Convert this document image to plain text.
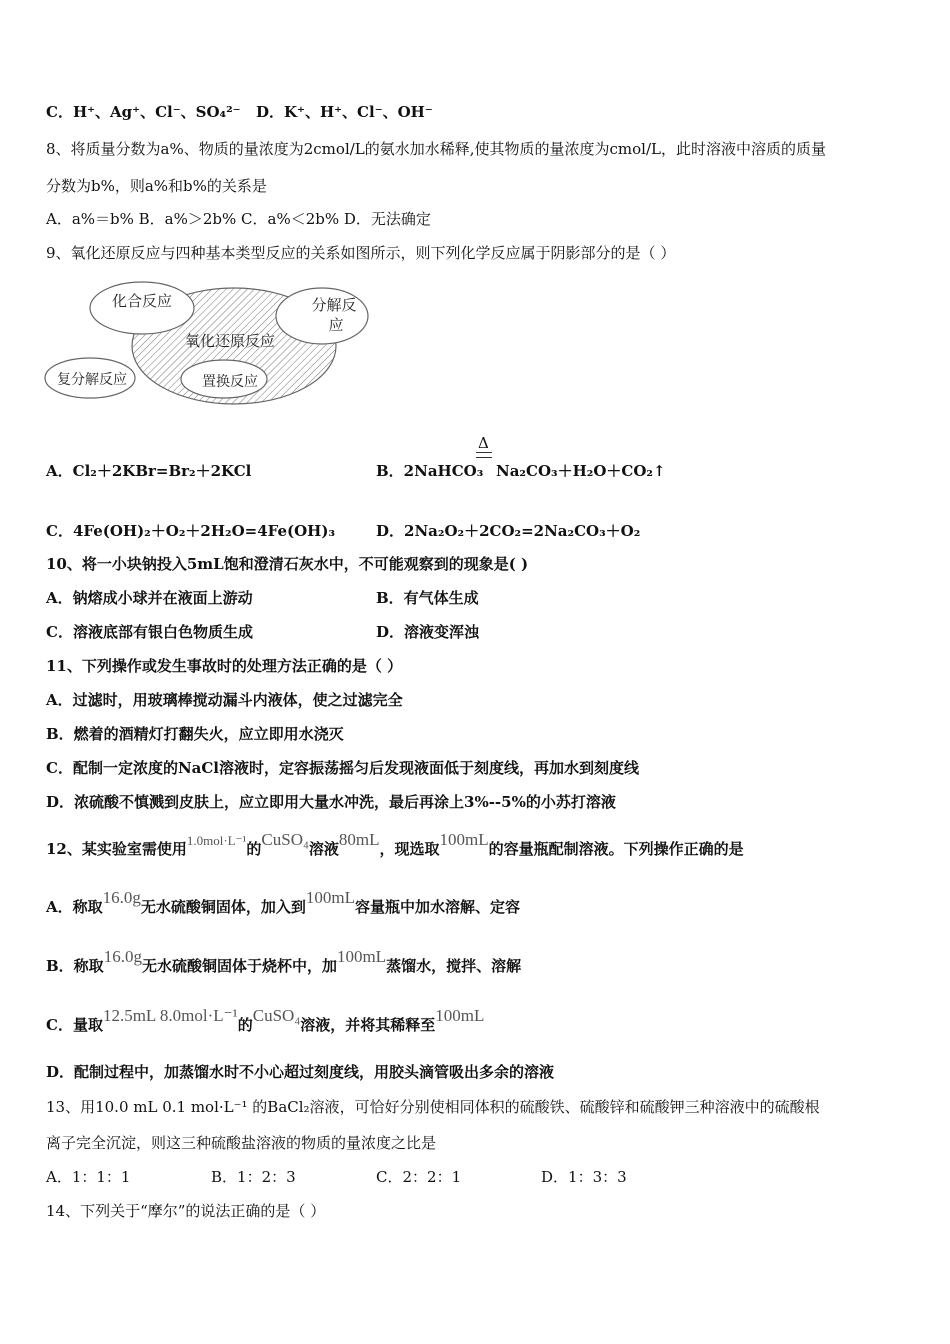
C．H⁺、Ag⁺、Cl⁻、SO₄²⁻ D．K⁺、H⁺、Cl⁻、OH⁻
8、将质量分数为a%、物质的量浓度为2cmol/L的氨水加水稀释,使其物质的量浓度为cmol/L，此时溶液中溶质的质量
分数为b%，则a%和b%的关系是
A．a%＝b% B．a%＞2b% C．a%＜2b% D．无法确定
9、氧化还原反应与四种基本类型反应的关系如图所示，则下列化学反应属于阴影部分的是（ ）
化合反应	分解反
应
氧化还原反应
复分解反应	置换反应
A．Cl₂＋2KBr=Br₂＋2KCl	B．2NaHCO₃
Δ
Na₂CO₃＋H₂O＋CO₂↑
C．4Fe(OH)₂＋O₂＋2H₂O=4Fe(OH)₃	D．2Na₂O₂＋2CO₂=2Na₂CO₃＋O₂
10、将一小块钠投入5mL饱和澄清石灰水中，不可能观察到的现象是( )
A．钠熔成小球并在液面上游动	B．有气体生成
C．溶液底部有银白色物质生成	D．溶液变浑浊
11、下列操作或发生事故时的处理方法正确的是（ ）
A．过滤时，用玻璃棒搅动漏斗内液体，使之过滤完全
B．燃着的酒精灯打翻失火，应立即用水浇灭
C．配制一定浓度的NaCl溶液时，定容振荡摇匀后发现液面低于刻度线，再加水到刻度线
D．浓硫酸不慎溅到皮肤上，应立即用大量水冲洗，最后再涂上3%--5%的小苏打溶液
12、某实验室需使用1.0mol·L⁻¹的CuSO₄溶液80mL，现选取100mL的容量瓶配制溶液。下列操作正确的是
A．称取16.0g无水硫酸铜固体，加入到100mL容量瓶中加水溶解、定容
B．称取16.0g无水硫酸铜固体于烧杯中，加100mL蒸馏水，搅拌、溶解
C．量取12.5mL 8.0mol·L⁻¹的CuSO₄溶液，并将其稀释至100mL
D．配制过程中，加蒸馏水时不小心超过刻度线，用胶头滴管吸出多余的溶液
13、用10.0 mL 0.1 mol·L⁻¹ 的BaCl₂溶液，可恰好分别使相同体积的硫酸铁、硫酸锌和硫酸钾三种溶液中的硫酸根
离子完全沉淀，则这三种硫酸盐溶液的物质的量浓度之比是
A．1：1：1	B．1：2：3	C．2：2：1	D．1：3：3
14、下列关于“摩尔”的说法正确的是（ ）
